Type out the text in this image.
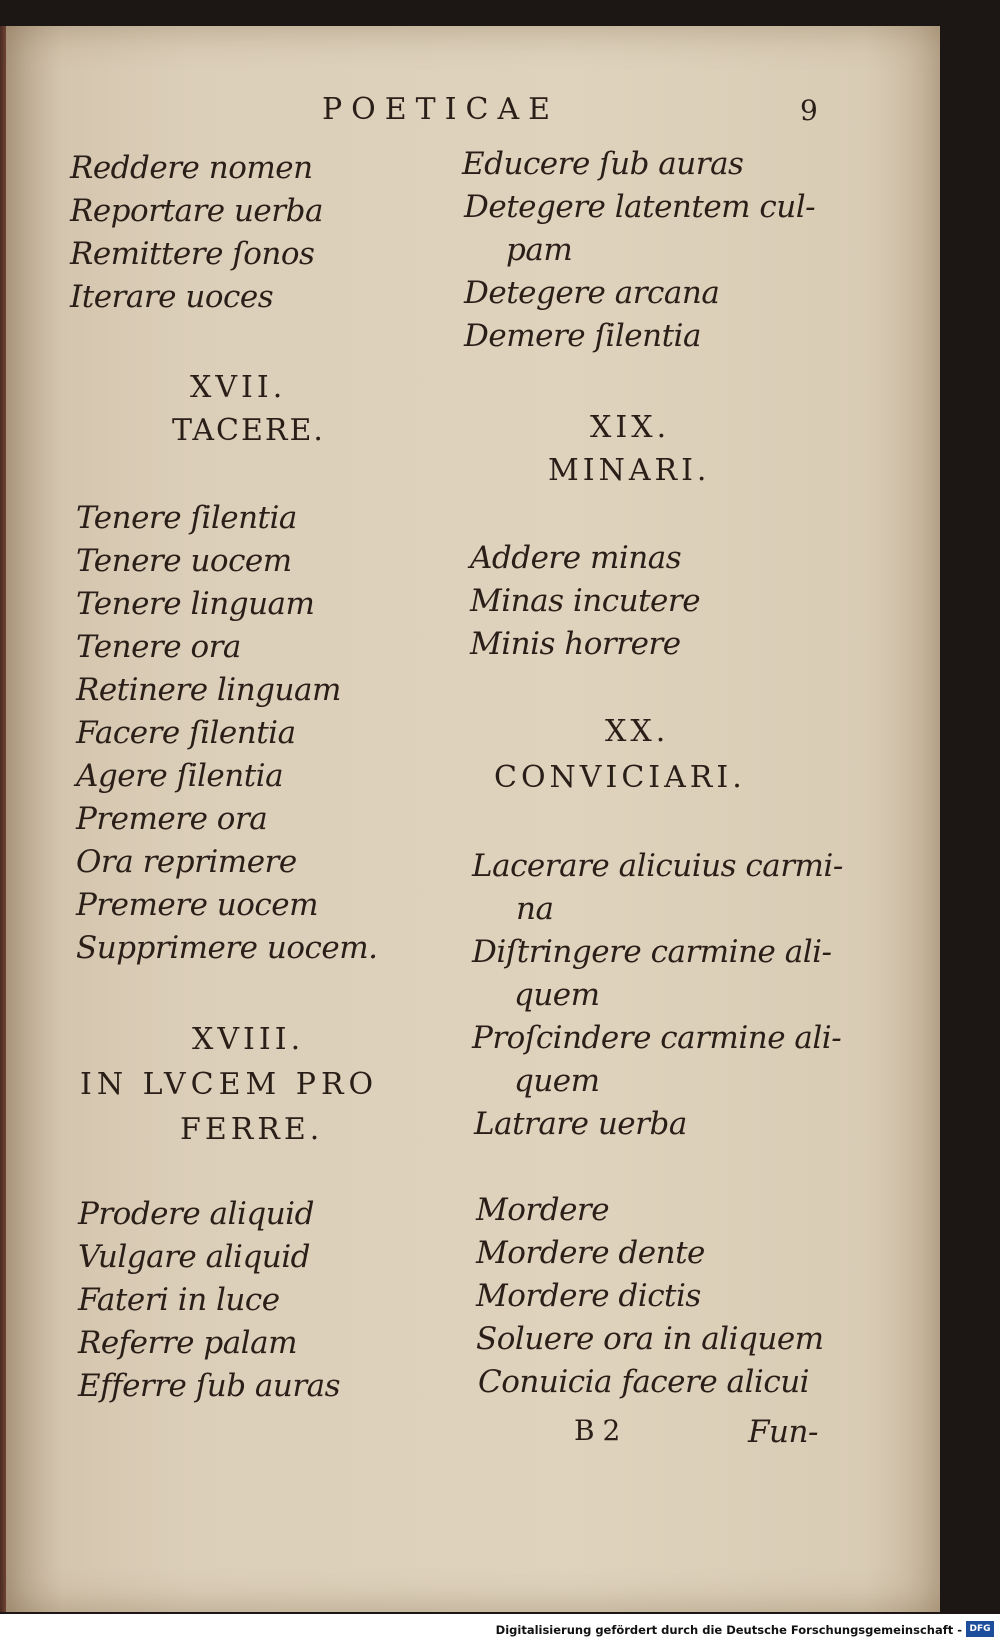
POETICAE	9
Reddere nomen
Reportare uerba
Remittere ſonos
Iterare uoces
XVII.
TACERE.
Tenere ſilentia
Tenere uocem
Tenere linguam
Tenere ora
Retinere linguam
Facere ſilentia
Agere ſilentia
Premere ora
Ora reprimere
Premere uocem
Supprimere uocem.
XVIII.
IN LVCEM PRO
FERRE.
Prodere aliquid
Vulgare aliquid
Fateri in luce
Referre palam
Efferre ſub auras
Educere ſub auras
Detegere latentem cul-
pam
Detegere arcana
Demere ſilentia
XIX.
MINARI.
Addere minas
Minas incutere
Minis horrere
XX.
CONVICIARI.
Lacerare alicuius carmi-
na
Diſtringere carmine ali-
quem
Proſcindere carmine ali-
quem
Latrare uerba
Mordere
Mordere dente
Mordere dictis
Soluere ora in aliquem
Conuicia facere alicui
B 2	Fun-
Digitalisierung gefördert durch die Deutsche Forschungsgemeinschaft - DFG
